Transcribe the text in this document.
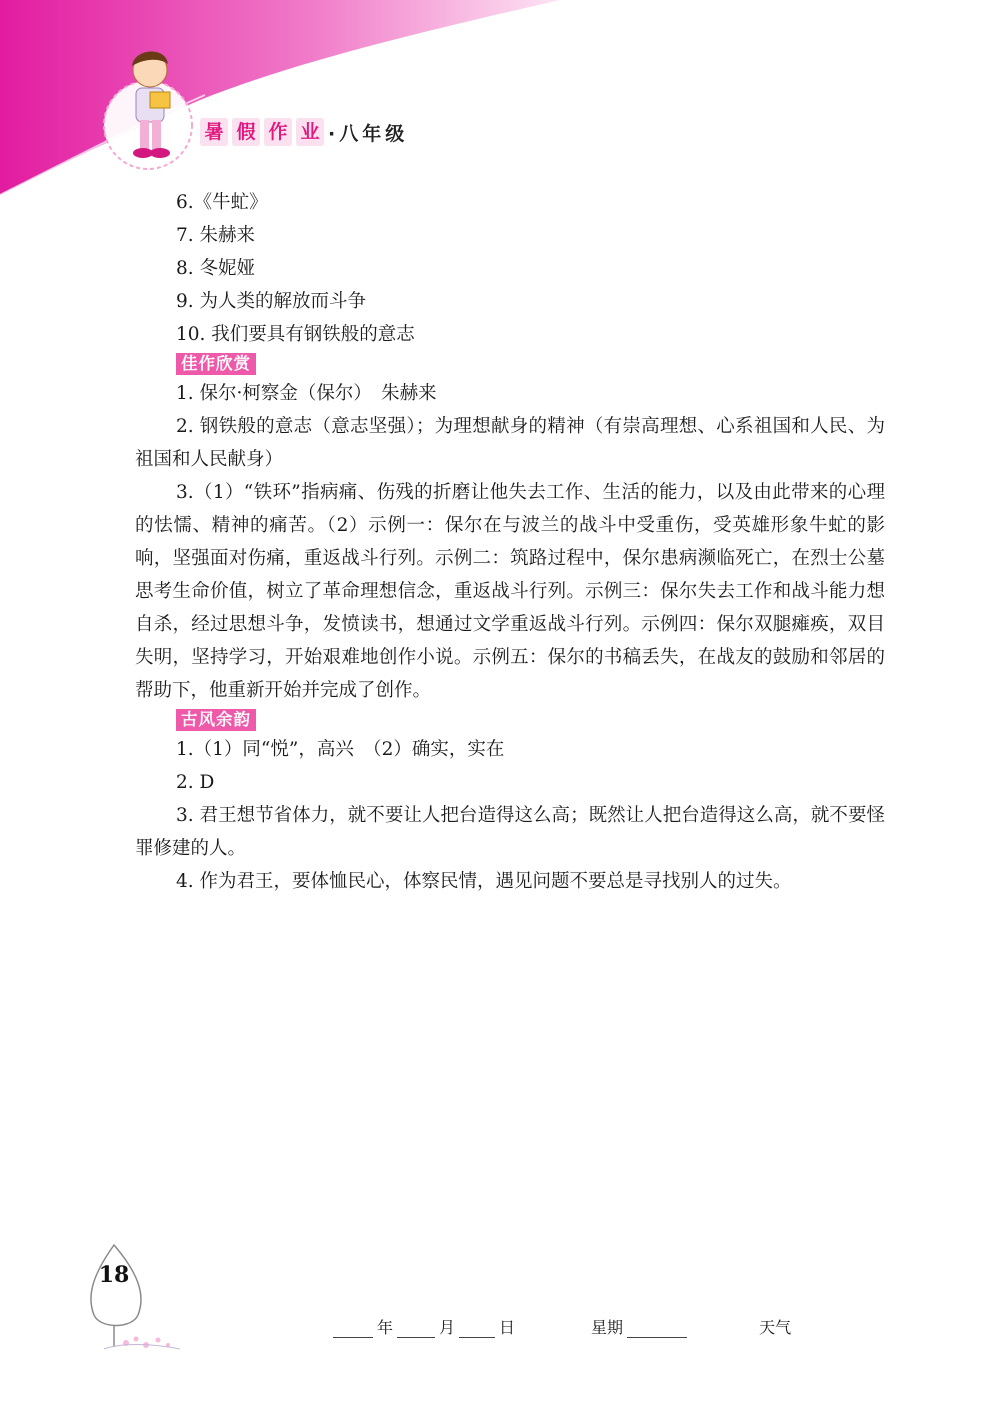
暑 假 作 业 ·八年级

6.《牛虻》

7. 朱赫来

8. 冬妮娅

9. 为人类的解放而斗争

10. 我们要具有钢铁般的意志

佳作欣赏

1. 保尔·柯察金（保尔）　朱赫来

2. 钢铁般的意志（意志坚强）；为理想献身的精神（有崇高理想、心系祖国和人民、为祖国和人民献身）

3.（1）“铁环”指病痛、伤残的折磨让他失去工作、生活的能力，以及由此带来的心理的怯懦、精神的痛苦。（2）示例一：保尔在与波兰的战斗中受重伤，受英雄形象牛虻的影响，坚强面对伤痛，重返战斗行列。示例二：筑路过程中，保尔患病濒临死亡，在烈士公墓思考生命价值，树立了革命理想信念，重返战斗行列。示例三：保尔失去工作和战斗能力想自杀，经过思想斗争，发愤读书，想通过文学重返战斗行列。示例四：保尔双腿瘫痪，双目失明，坚持学习，开始艰难地创作小说。示例五：保尔的书稿丢失，在战友的鼓励和邻居的帮助下，他重新开始并完成了创作。

古风余韵

1.（1）同“悦”，高兴　（2）确实，实在

2. D

3. 君王想节省体力，就不要让人把台造得这么高；既然让人把台造得这么高，就不要怪罪修建的人。

4. 作为君王，要体恤民心，体察民情，遇见问题不要总是寻找别人的过失。

18
年	月	日	星期	天气
